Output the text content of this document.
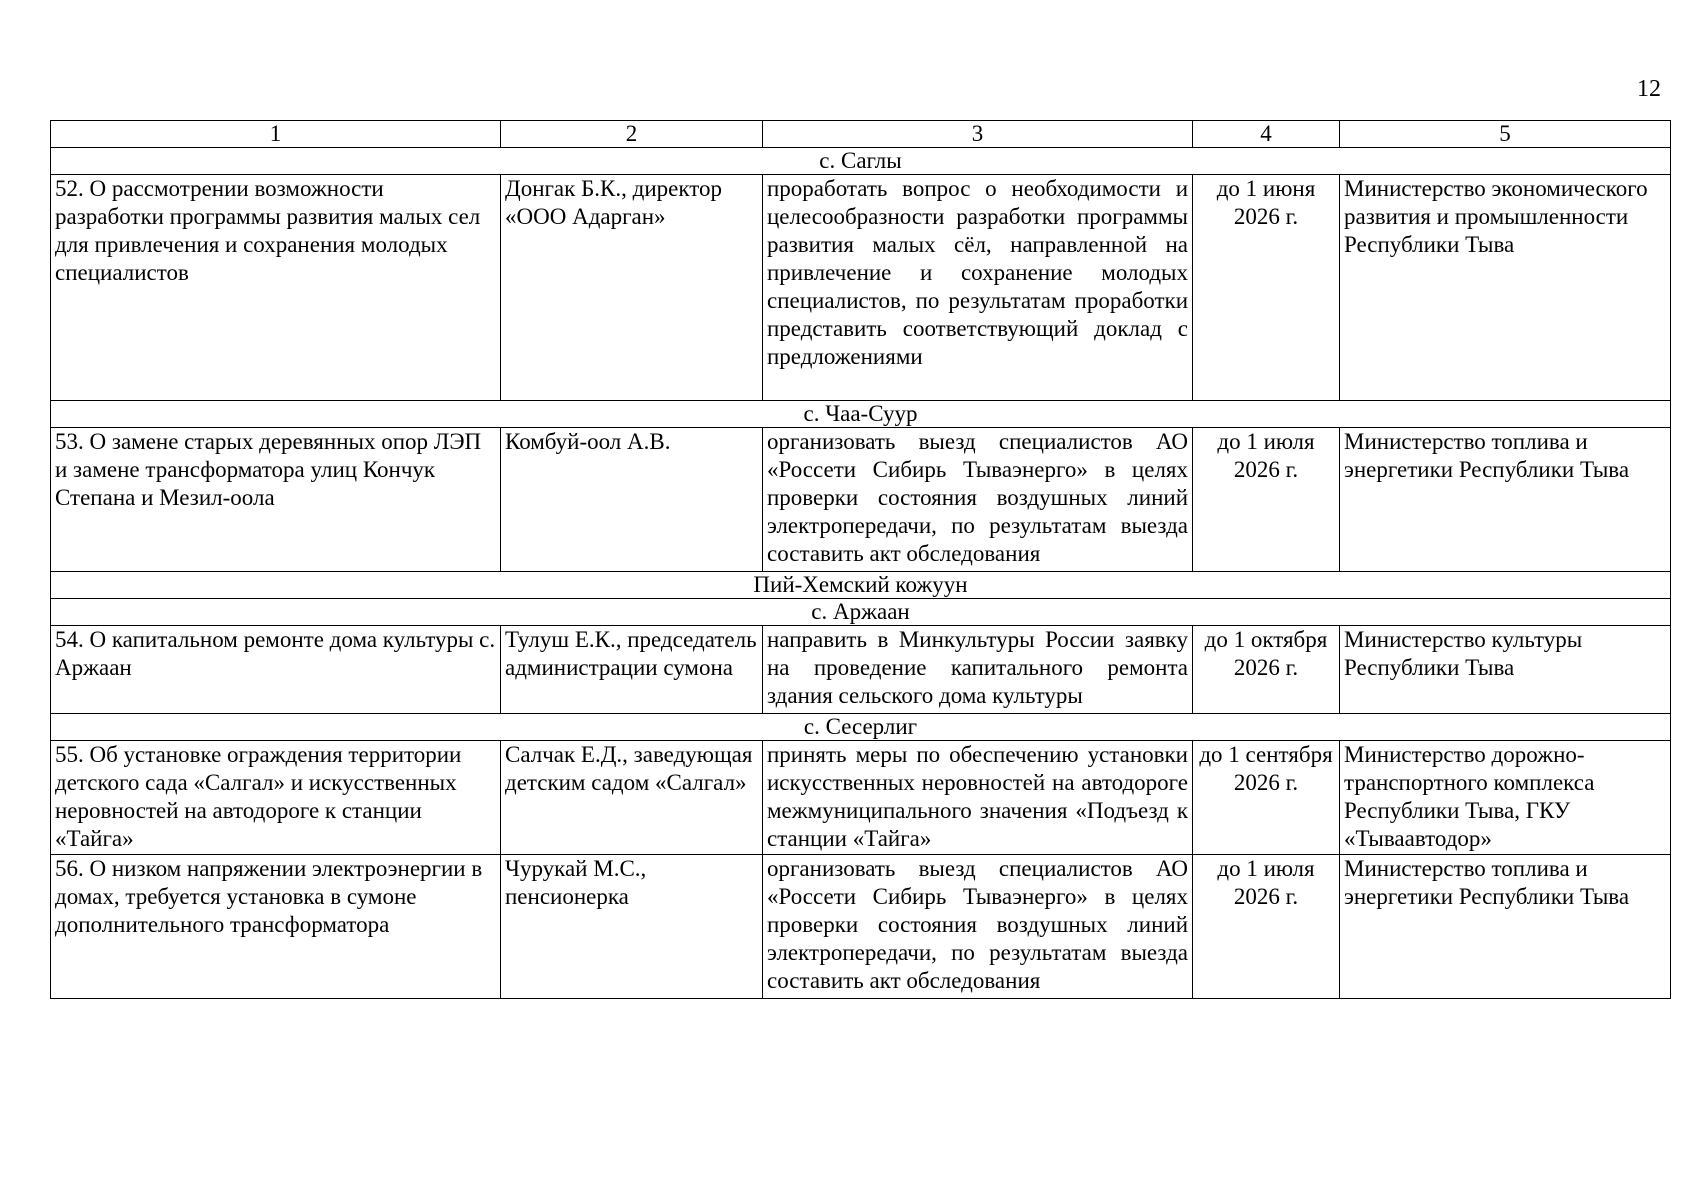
12
1	2	3	4	5
с. Саглы				
52. О рассмотрении возможности разработки программы развития малых сел для привлечения и сохранения молодых специалистов	Донгак Б.К., директор «ООО Адарган»	проработать вопрос о необходимости и целесообразности разработки программы развития малых сёл, направленной на привлечение и сохранение молодых специалистов, по результатам проработки представить соответствующий доклад с предложениями	до 1 июня 2026 г.	Министерство экономического развития и промышленности Республики Тыва
с. Чаа-Суур				
53. О замене старых деревянных опор ЛЭП и замене трансформатора улиц Кончук Степана и Мезил-оола	Комбуй-оол А.В.	организовать выезд специалистов АО «Россети Сибирь Тываэнерго» в целях проверки состояния воздушных линий электропередачи, по результатам выезда составить акт обследования	до 1 июля 2026 г.	Министерство топлива и энергетики Республики Тыва
Пий-Хемский кожуун				
с. Аржаан				
54. О капитальном ремонте дома культуры с. Аржаан	Тулуш Е.К., председатель администрации сумона	направить в Минкультуры России заявку на проведение капитального ремонта здания сельского дома культуры	до 1 октября 2026 г.	Министерство культуры Республики Тыва
с. Сесерлиг				
55. Об установке ограждения территории детского сада «Салгал» и искусственных неровностей на автодороге к станции «Тайга»	Салчак Е.Д., заведующая детским садом «Салгал»	принять меры по обеспечению установки искусственных неровностей на автодороге межмуниципального значения «Подъезд к станции «Тайга»	до 1 сентября 2026 г.	Министерство дорожно-транспортного комплекса Республики Тыва, ГКУ «Тываавтодор»
56. О низком напряжении электроэнергии в домах, требуется установка в сумоне дополнительного трансформатора	Чурукай М.С., пенсионерка	организовать выезд специалистов АО «Россети Сибирь Тываэнерго» в целях проверки состояния воздушных линий электропередачи, по результатам выезда составить акт обследования	до 1 июля 2026 г.	Министерство топлива и энергетики Республики Тыва
